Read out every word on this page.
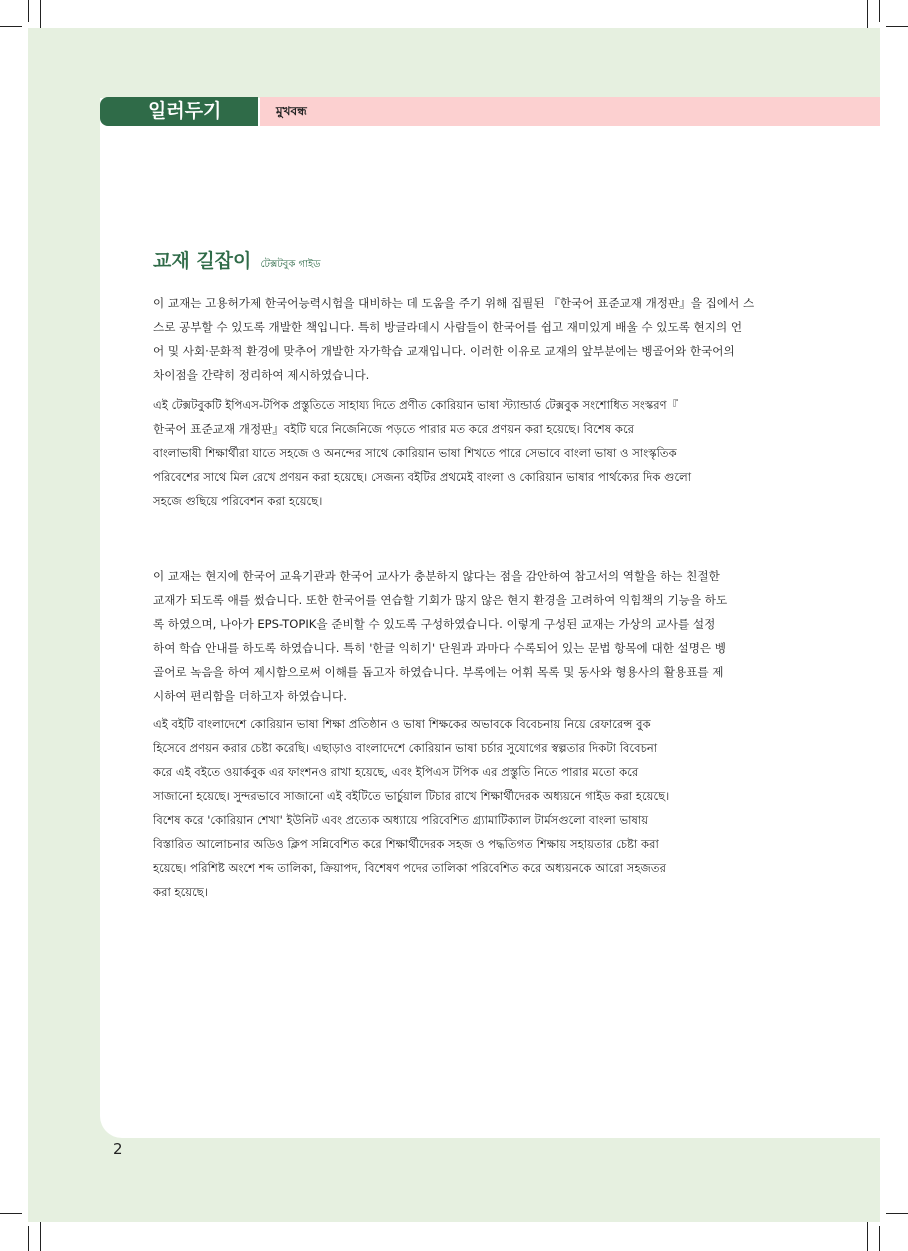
일러두기	মুখবন্ধ
교재 길잡이 টেক্সটবুক গাইড
이 교재는 고용허가제 한국어능력시험을 대비하는 데 도움을 주기 위해 집필된 『한국어 표준교재 개정판』을 집에서 스
스로 공부할 수 있도록 개발한 책입니다. 특히 방글라데시 사람들이 한국어를 쉽고 재미있게 배울 수 있도록 현지의 언
어 및 사회·문화적 환경에 맞추어 개발한 자가학습 교재입니다. 이러한 이유로 교재의 앞부분에는 벵골어와 한국어의
차이점을 간략히 정리하여 제시하였습니다.
এই টেক্সটবুকটি ইপিএস-টপিক প্রস্তুতিতে সাহায্য দিতে প্রণীত কোরিয়ান ভাষা স্ট্যান্ডার্ড টেক্সবুক সংশোধিত সংস্করণ『
한국어 표준교재 개정판』বইটি ঘরে নিজেনিজে পড়তে পারার মত করে প্রণয়ন করা হয়েছে। বিশেষ করে
বাংলাভাষী শিক্ষার্থীরা যাতে সহজে ও অনন্দের সাথে কোরিয়ান ভাষা শিখতে পারে সেভাবে বাংলা ভাষা ও সাংস্কৃতিক
পরিবেশের সাথে মিল রেখে প্রণয়ন করা হয়েছে। সেজন্য বইটির প্রথমেই বাংলা ও কোরিয়ান ভাষার পার্থক্যের দিক গুলো
সহজে গুছিয়ে পরিবেশন করা হয়েছে।
이 교재는 현지에 한국어 교육기관과 한국어 교사가 충분하지 않다는 점을 감안하여 참고서의 역할을 하는 친절한
교재가 되도록 애를 썼습니다. 또한 한국어를 연습할 기회가 많지 않은 현지 환경을 고려하여 익힘책의 기능을 하도
록 하였으며, 나아가 EPS-TOPIK을 준비할 수 있도록 구성하였습니다. 이렇게 구성된 교재는 가상의 교사를 설정
하여 학습 안내를 하도록 하였습니다. 특히 '한글 익히기' 단원과 과마다 수록되어 있는 문법 항목에 대한 설명은 벵
골어로 녹음을 하여 제시함으로써 이해를 돕고자 하였습니다. 부록에는 어휘 목록 및 동사와 형용사의 활용표를 제
시하여 편리함을 더하고자 하였습니다.
এই বইটি বাংলাদেশে কোরিয়ান ভাষা শিক্ষা প্রতিষ্ঠান ও ভাষা শিক্ষকের অভাবকে বিবেচনায় নিয়ে রেফারেন্স বুক
হিসেবে প্রণয়ন করার চেষ্টা করেছি। এছাড়াও বাংলাদেশে কোরিয়ান ভাষা চর্চার সুযোগের স্বল্পতার দিকটা বিবেচনা
করে এই বইতে ওয়ার্কবুক এর ফাংশনও রাখা হয়েছে, এবং ইপিএস টপিক এর প্রস্তুতি নিতে পারার মতো করে
সাজানো হয়েছে। সুন্দরভাবে সাজানো এই বইটিতে ভার্চুয়াল টিচার রাখে শিক্ষার্থীদেরক অধ্যয়নে গাইড করা হয়েছে।
বিশেষ করে 'কোরিয়ান শেখা' ইউনিট এবং প্রত্যেক অধ্যায়ে পরিবেশিত গ্র্যামাটিক্যাল টার্মসগুলো বাংলা ভাষায়
বিস্তারিত আলোচনার অডিও ক্লিপ সন্নিবেশিত করে শিক্ষার্থীদেরক সহজ ও পদ্ধতিগত শিক্ষায় সহায়তার চেষ্টা করা
হয়েছে। পরিশিষ্ট অংশে শব্দ তালিকা, ক্রিয়াপদ, বিশেষণ পদের তালিকা পরিবেশিত করে অধ্যয়নকে আরো সহজতর
করা হয়েছে।
2
